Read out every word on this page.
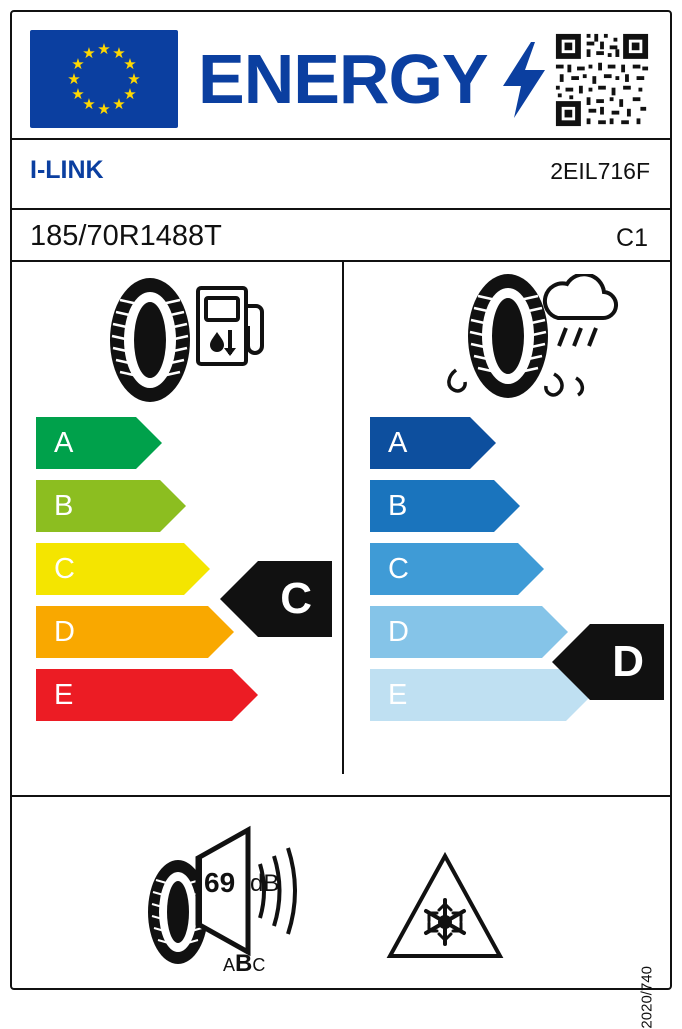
★ ★
★
★
★
★
★
★
★
★
★
★ ENERGY
I-LINK	2EIL716F
185/70R1488T	C1
A
B
C
D
E
A
B
C
D
E
C
D
69 dB
ABC
2020/740
